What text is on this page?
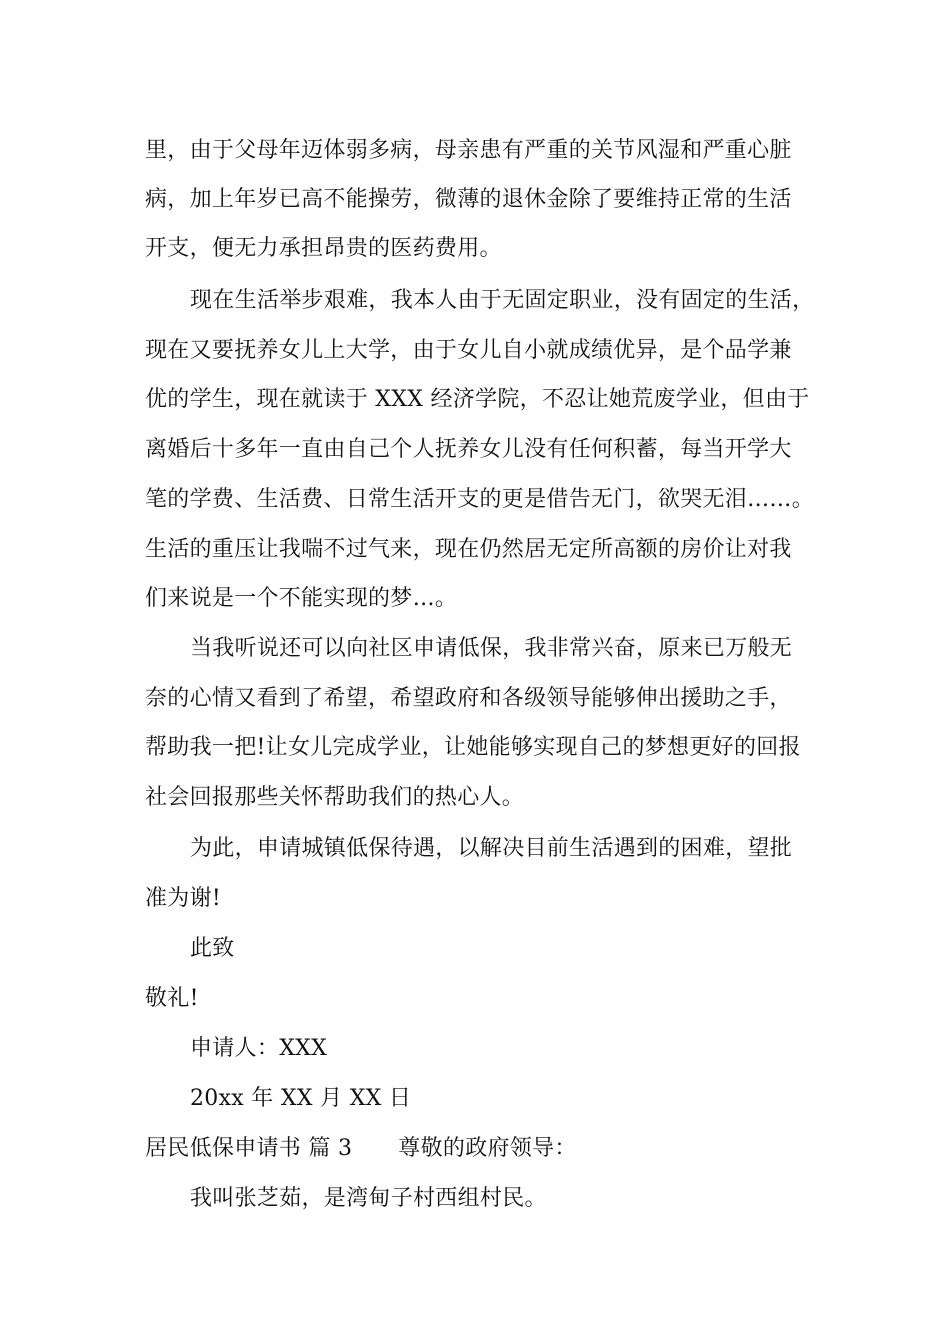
里，由于父母年迈体弱多病，母亲患有严重的关节风湿和严重心脏
病，加上年岁已高不能操劳，微薄的退休金除了要维持正常的生活
开支，便无力承担昂贵的医药费用。
现在生活举步艰难，我本人由于无固定职业，没有固定的生活，
现在又要抚养女儿上大学，由于女儿自小就成绩优异，是个品学兼
优的学生，现在就读于 XXX 经济学院，不忍让她荒废学业，但由于
离婚后十多年一直由自己个人抚养女儿没有任何积蓄，每当开学大
笔的学费、生活费、日常生活开支的更是借告无门，欲哭无泪……。
生活的重压让我喘不过气来，现在仍然居无定所高额的房价让对我
们来说是一个不能实现的梦…。
当我听说还可以向社区申请低保，我非常兴奋，原来已万般无
奈的心情又看到了希望，希望政府和各级领导能够伸出援助之手，
帮助我一把!让女儿完成学业，让她能够实现自己的梦想更好的回报
社会回报那些关怀帮助我们的热心人。
为此，申请城镇低保待遇，以解决目前生活遇到的困难，望批
准为谢!
此致
敬礼!
申请人：XXX
20xx 年 XX 月 XX 日
居民低保申请书 篇 3 尊敬的政府领导：
我叫张芝茹，是湾甸子村西组村民。
